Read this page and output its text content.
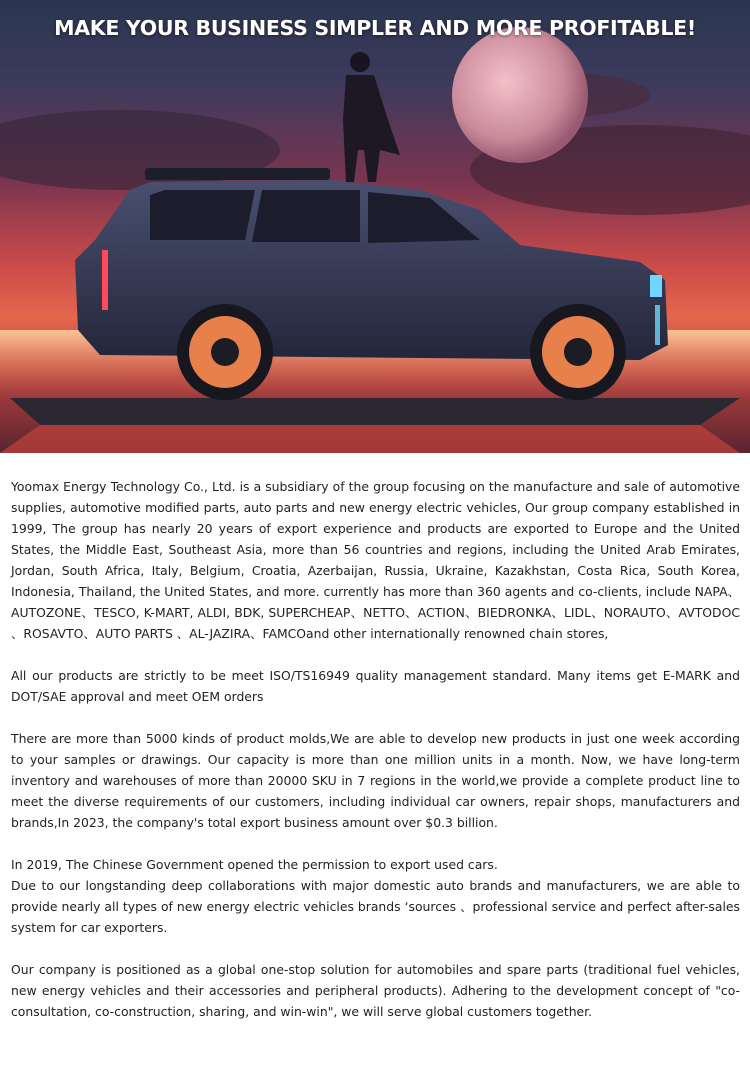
MAKE YOUR BUSINESS SIMPLER AND MORE PROFITABLE!

Yoomax Energy Technology Co., Ltd. is a subsidiary of the group focusing on the manufacture and sale of automotive supplies, automotive modified parts, auto parts and new energy electric vehicles, Our group company established in 1999, The group has nearly 20 years of export experience and products are exported to Europe and the United States, the Middle East, Southeast Asia, more than 56 countries and regions, including the United Arab Emirates, Jordan, South Africa, Italy, Belgium, Croatia, Azerbaijan, Russia, Ukraine, Kazakhstan, Costa Rica, South Korea, Indonesia, Thailand, the United States, and more. currently has more than 360 agents and co-clients, include NAPA、AUTOZONE、TESCO, K-MART, ALDI, BDK, SUPERCHEAP、NETTO、ACTION、BIEDRONKA、LIDL、NORAUTO、AVTODOC 、ROSAVTO、AUTO PARTS 、AL-JAZIRA、FAMCOand other internationally renowned chain stores,

All our products are strictly to be meet ISO/TS16949 quality management standard. Many items get E-MARK and DOT/SAE approval and meet OEM orders

There are more than 5000 kinds of product molds,We are able to develop new products in just one week according to your samples or drawings. Our capacity is more than one million units in a month. Now, we have long-term inventory and warehouses of more than 20000 SKU in 7 regions in the world,we provide a complete product line to meet the diverse requirements of our customers, including individual car owners, repair shops, manufacturers and brands,In 2023, the company's total export business amount over $0.3 billion.

In 2019, The Chinese Government opened the permission to export used cars.

Due to our longstanding deep collaborations with major domestic auto brands and manufacturers, we are able to provide nearly all types of new energy electric vehicles brands ‘sources 、professional service and perfect after-sales system for car exporters.

Our company is positioned as a global one-stop solution for automobiles and spare parts (traditional fuel vehicles, new energy vehicles and their accessories and peripheral products). Adhering to the development concept of "co-consultation, co-construction, sharing, and win-win", we will serve global customers together.
